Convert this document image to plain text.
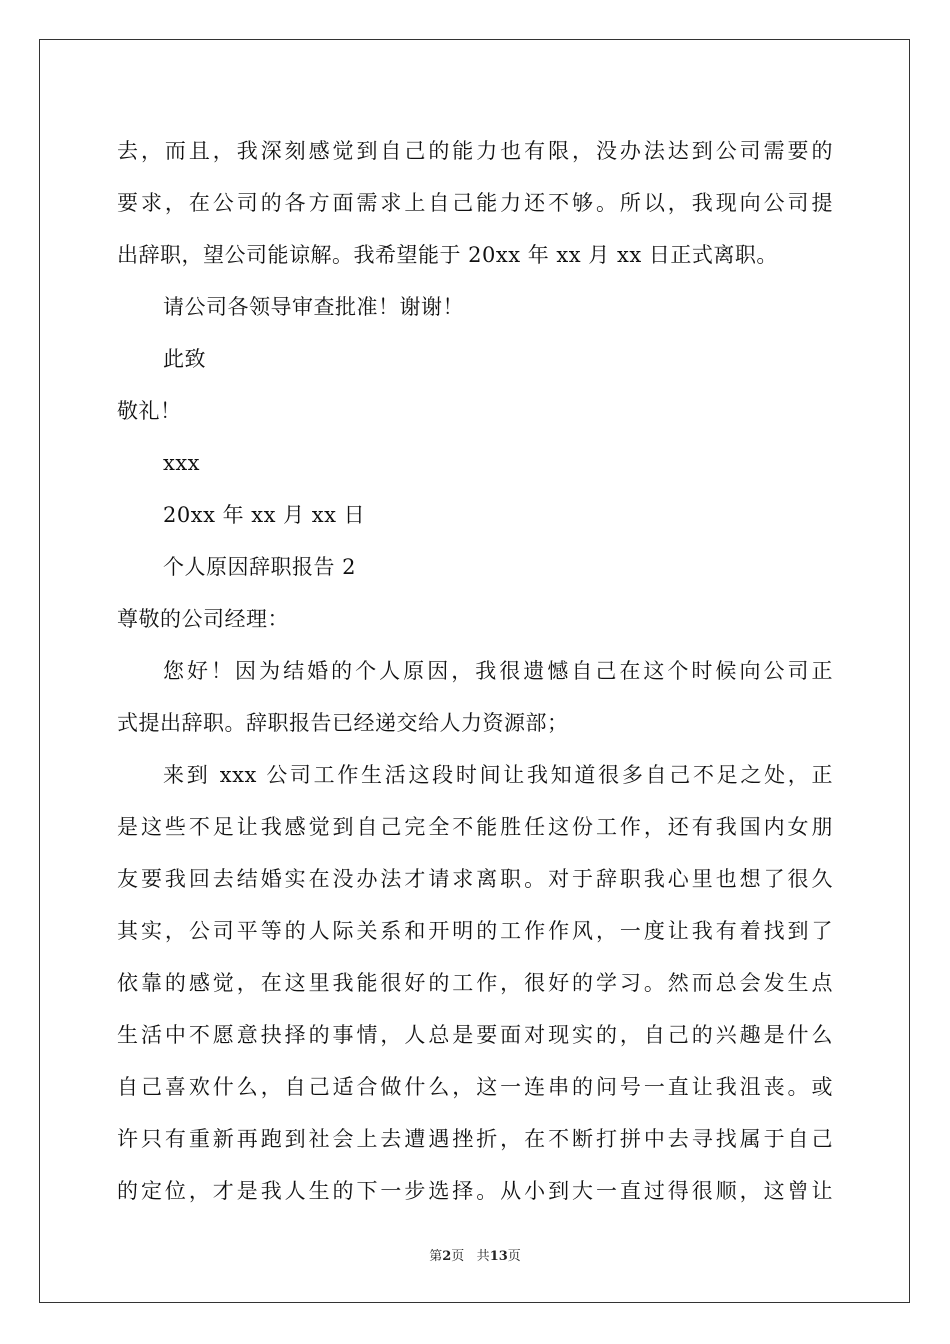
去，而且，我深刻感觉到自己的能力也有限，没办法达到公司需要的
要求，在公司的各方面需求上自己能力还不够。所以，我现向公司提
出辞职，望公司能谅解。我希望能于 20xx 年 xx 月 xx 日正式离职。
请公司各领导审查批准！谢谢！
此致
敬礼！
xxx
20xx 年 xx 月 xx 日
个人原因辞职报告 2
尊敬的公司经理：
您好！因为结婚的个人原因，我很遗憾自己在这个时候向公司正
式提出辞职。辞职报告已经递交给人力资源部；
来到 xxx 公司工作生活这段时间让我知道很多自己不足之处，正
是这些不足让我感觉到自己完全不能胜任这份工作，还有我国内女朋
友要我回去结婚实在没办法才请求离职。对于辞职我心里也想了很久
其实，公司平等的人际关系和开明的工作作风，一度让我有着找到了
依靠的感觉，在这里我能很好的工作，很好的学习。然而总会发生点
生活中不愿意抉择的事情，人总是要面对现实的，自己的兴趣是什么
自己喜欢什么，自己适合做什么，这一连串的问号一直让我沮丧。或
许只有重新再跑到社会上去遭遇挫折，在不断打拼中去寻找属于自己
的定位，才是我人生的下一步选择。从小到大一直过得很顺，这曾让
第2页 共13页
